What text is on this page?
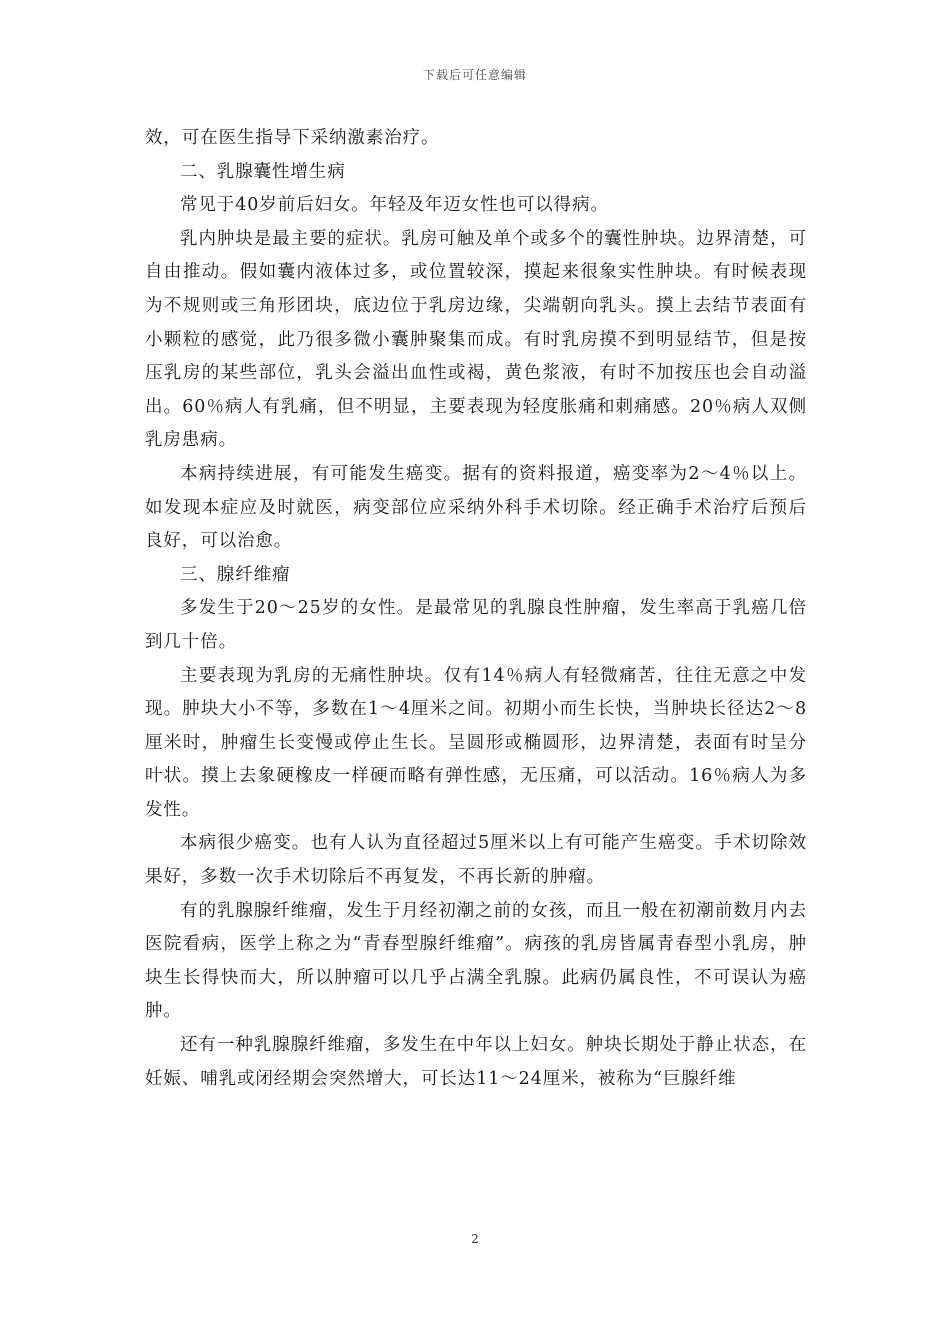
下载后可任意编辑

效，可在医生指导下采纳激素治疗。

二、乳腺囊性增生病

常见于40岁前后妇女。年轻及年迈女性也可以得病。

乳内肿块是最主要的症状。乳房可触及单个或多个的囊性肿块。边界清楚，可自由推动。假如囊内液体过多，或位置较深，摸起来很象实性肿块。有时候表现为不规则或三角形团块，底边位于乳房边缘，尖端朝向乳头。摸上去结节表面有小颗粒的感觉，此乃很多微小囊肿聚集而成。有时乳房摸不到明显结节，但是按压乳房的某些部位，乳头会溢出血性或褐，黄色浆液，有时不加按压也会自动溢出。60％病人有乳痛，但不明显，主要表现为轻度胀痛和刺痛感。20％病人双侧乳房患病。

本病持续进展，有可能发生癌变。据有的资料报道，癌变率为2～4％以上。如发现本症应及时就医，病变部位应采纳外科手术切除。经正确手术治疗后预后良好，可以治愈。

三、腺纤维瘤

多发生于20～25岁的女性。是最常见的乳腺良性肿瘤，发生率高于乳癌几倍到几十倍。

主要表现为乳房的无痛性肿块。仅有14％病人有轻微痛苦，往往无意之中发现。肿块大小不等，多数在1～4厘米之间。初期小而生长快，当肿块长径达2～8厘米时，肿瘤生长变慢或停止生长。呈圆形或椭圆形，边界清楚，表面有时呈分叶状。摸上去象硬橡皮一样硬而略有弹性感，无压痛，可以活动。16％病人为多发性。

本病很少癌变。也有人认为直径超过5厘米以上有可能产生癌变。手术切除效果好，多数一次手术切除后不再复发，不再长新的肿瘤。

有的乳腺腺纤维瘤，发生于月经初潮之前的女孩，而且一般在初潮前数月内去医院看病，医学上称之为“青春型腺纤维瘤”。病孩的乳房皆属青春型小乳房，肿块生长得快而大，所以肿瘤可以几乎占满全乳腺。此病仍属良性，不可误认为癌肿。

还有一种乳腺腺纤维瘤，多发生在中年以上妇女。舯块长期处于静止状态，在妊娠、哺乳或闭经期会突然增大，可长达11～24厘米，被称为“巨腺纤维

2
